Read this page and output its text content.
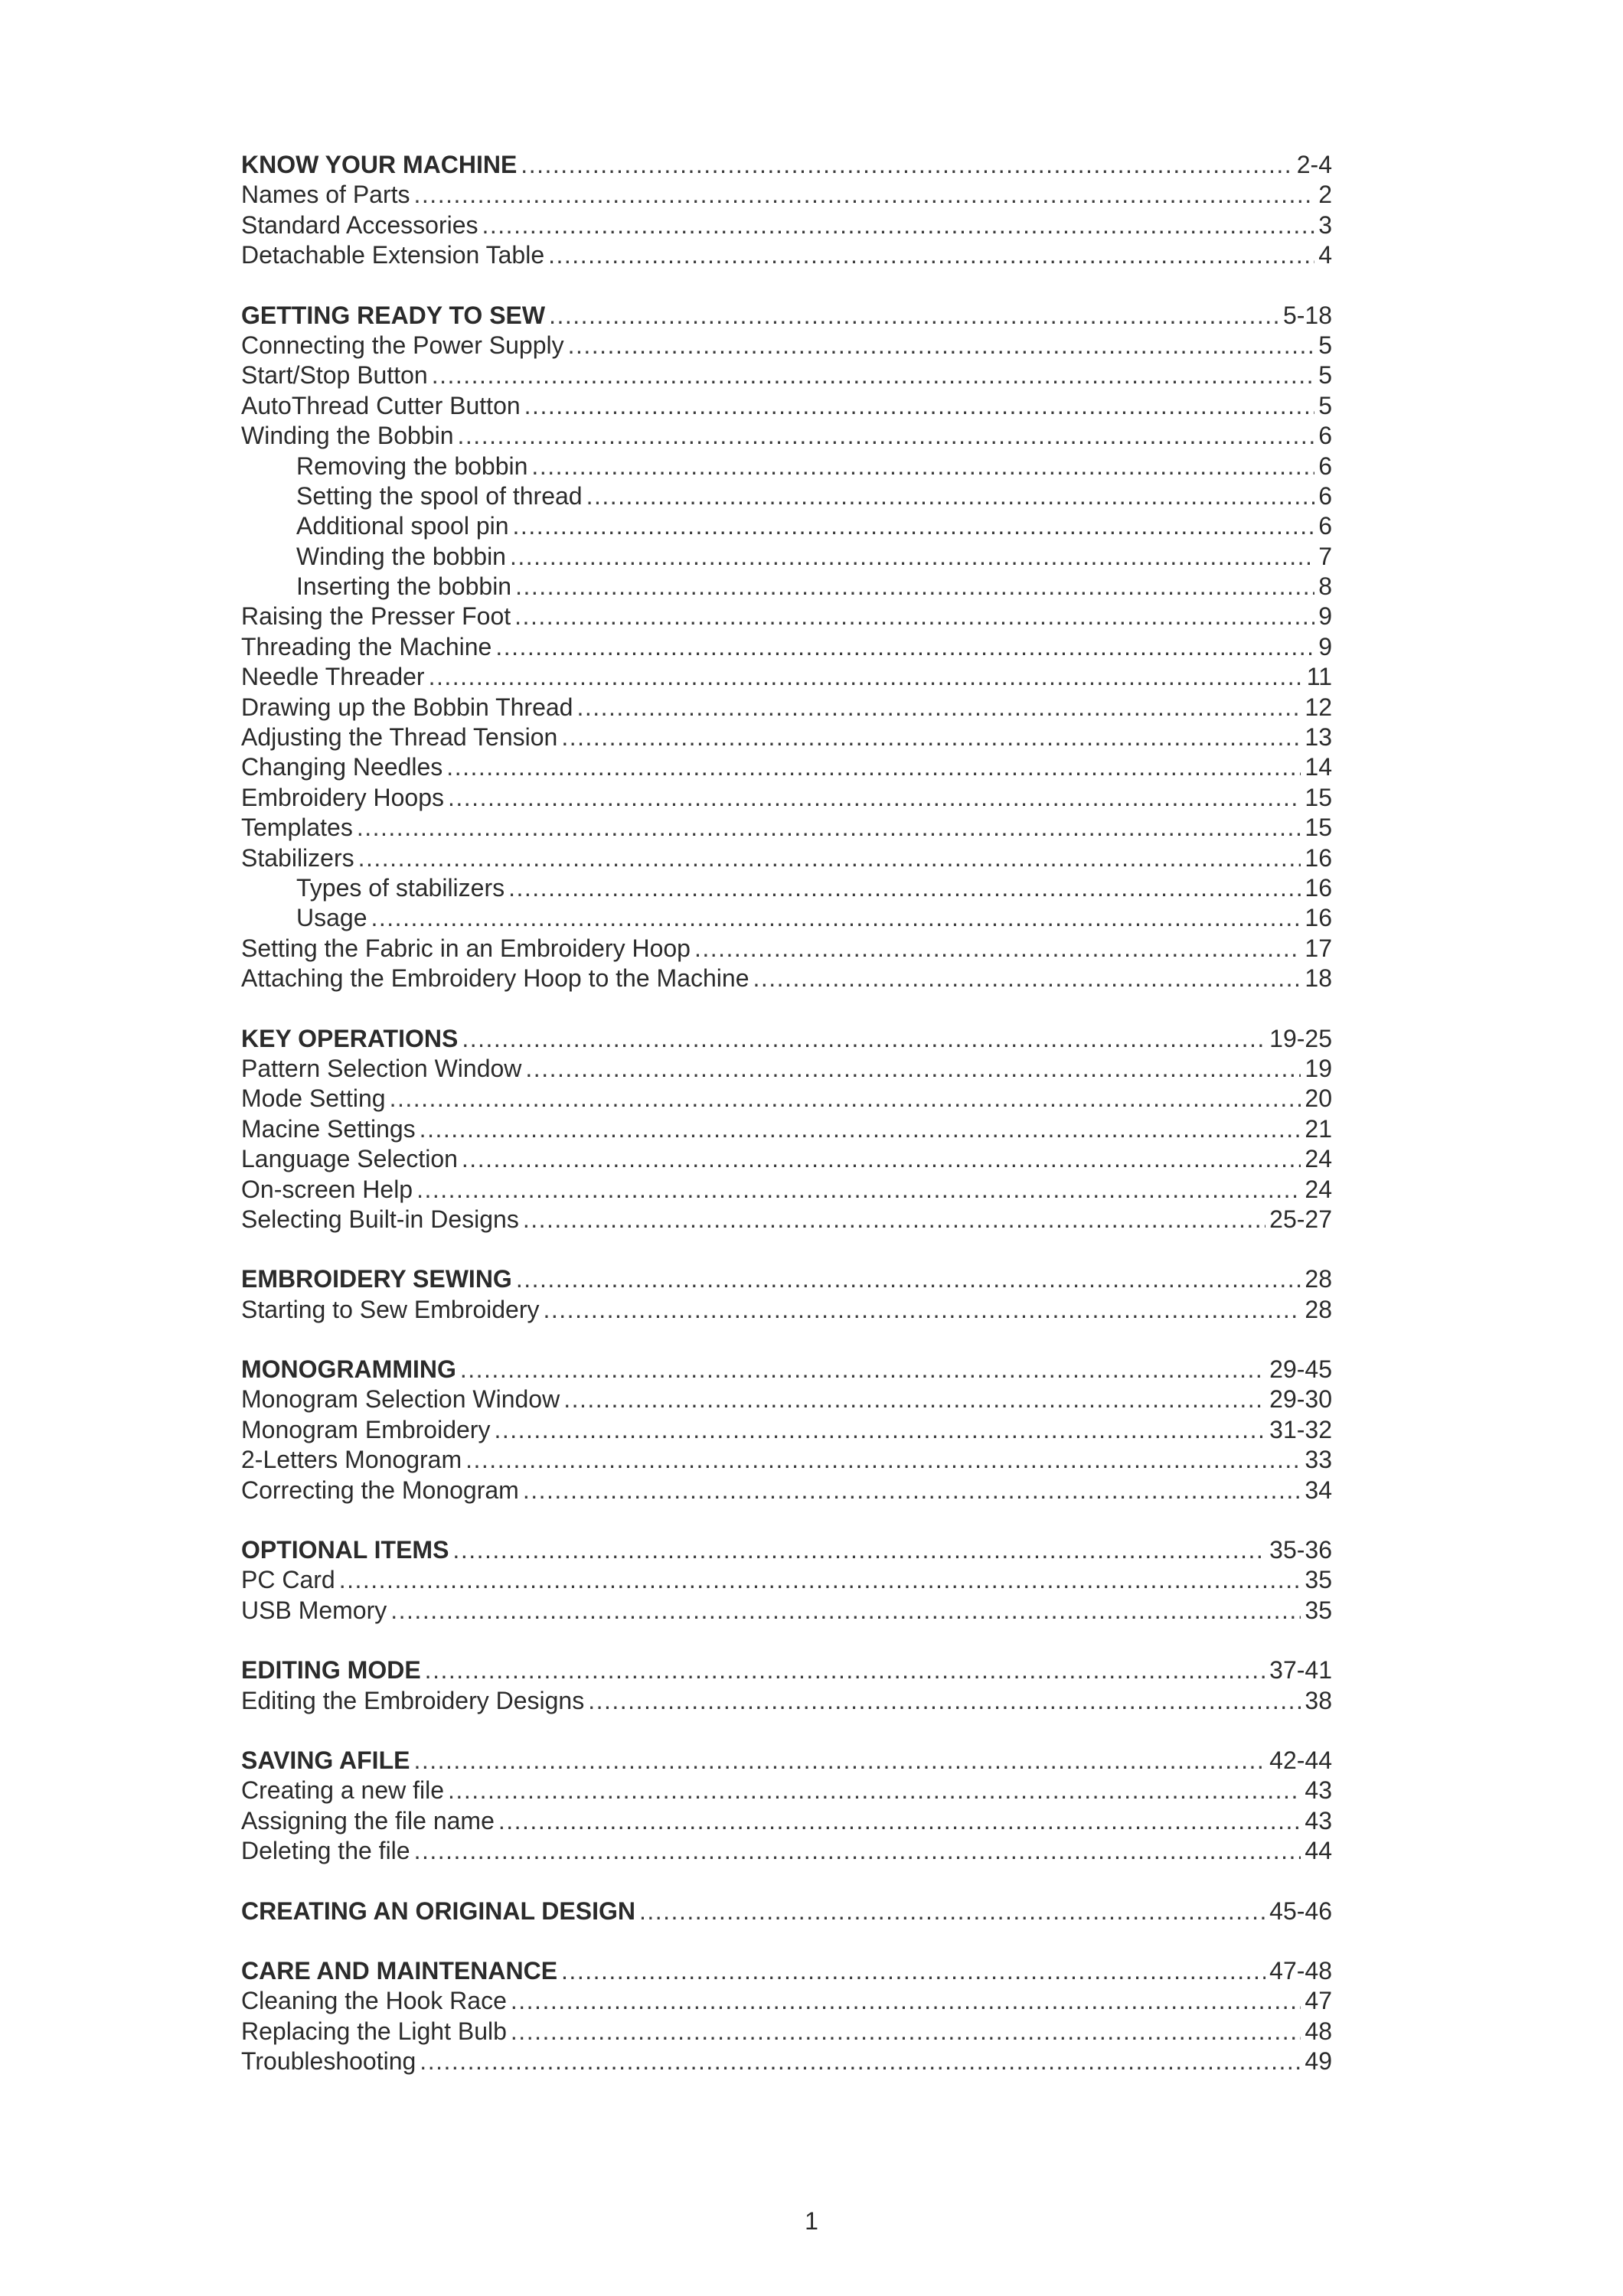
KNOW YOUR MACHINE .....	2-4
Names of Parts .....	2
Standard Accessories .....	3
Detachable Extension Table .....	4
GETTING READY TO SEW .....	5-18
Connecting the Power Supply .....	5
Start/Stop Button .....	5
AutoThread Cutter Button .....	5
Winding the Bobbin .....	6
Removing the bobbin .....	6
Setting the spool of thread .....	6
Additional spool pin .....	6
Winding the bobbin .....	7
Inserting the bobbin .....	8
Raising the Presser Foot .....	9
Threading the Machine .....	9
Needle Threader .....	11
Drawing up the Bobbin Thread .....	12
Adjusting the Thread Tension .....	13
Changing Needles .....	14
Embroidery Hoops .....	15
Templates .....	15
Stabilizers .....	16
Types of stabilizers .....	16
Usage .....	16
Setting the Fabric in an Embroidery Hoop .....	17
Attaching the Embroidery Hoop to the Machine .....	18
KEY OPERATIONS .....	19-25
Pattern Selection Window .....	19
Mode Setting .....	20
Macine Settings .....	21
Language Selection .....	24
On-screen Help .....	24
Selecting Built-in Designs .....	25-27
EMBROIDERY SEWING .....	28
Starting to Sew Embroidery .....	28
MONOGRAMMING .....	29-45
Monogram Selection Window .....	29-30
Monogram Embroidery .....	31-32
2-Letters Monogram .....	33
Correcting the Monogram .....	34
OPTIONAL ITEMS .....	35-36
PC Card .....	35
USB Memory .....	35
EDITING MODE .....	37-41
Editing the Embroidery Designs .....	38
SAVING AFILE .....	42-44
Creating a new file .....	43
Assigning the file name .....	43
Deleting the file .....	44
CREATING AN ORIGINAL DESIGN .....	45-46
CARE AND MAINTENANCE .....	47-48
Cleaning the Hook Race .....	47
Replacing the Light Bulb .....	48
Troubleshooting .....	49
1
